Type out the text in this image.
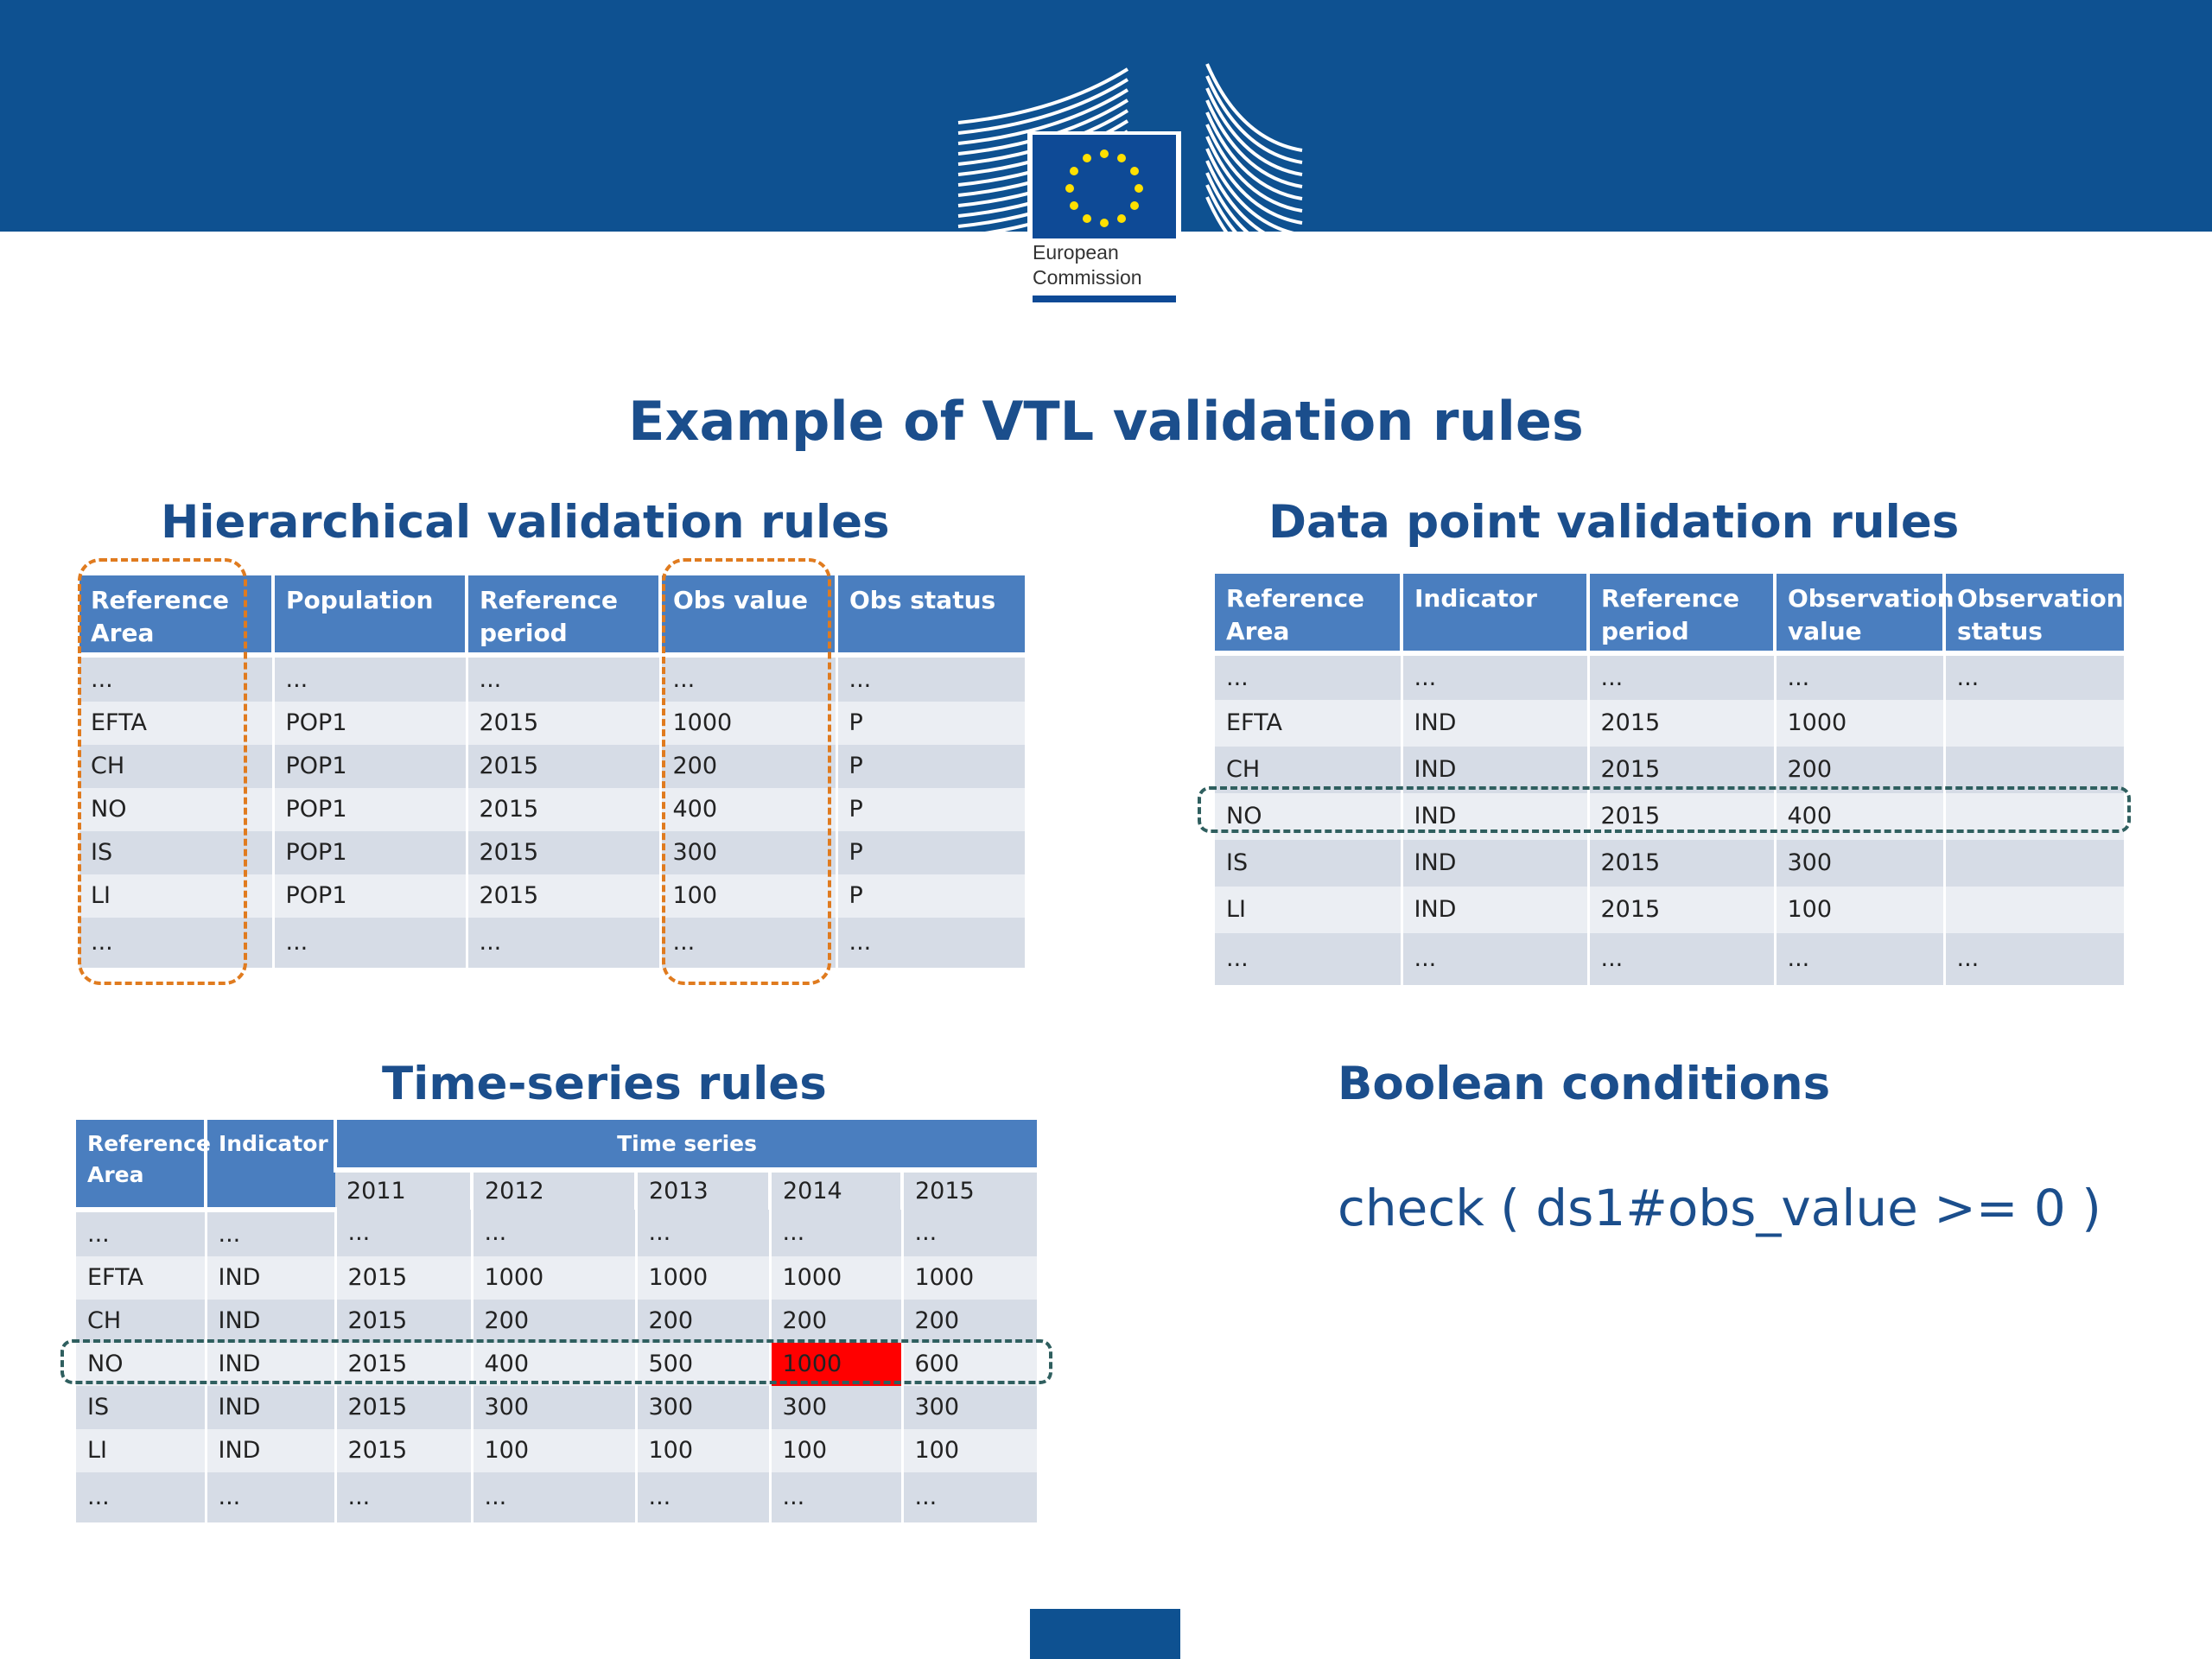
European
Commission
Example of VTL validation rules
Hierarchical validation rules	Data point validation rules
Time-series rules	Boolean conditions
Reference Area	Population	Reference period	Obs value	Obs status
...	...	...	...	...
EFTA	POP1	2015	1000	P
CH	POP1	2015	200	P
NO	POP1	2015	400	P
IS	POP1	2015	300	P
LI	POP1	2015	100	P
...	...	...	...	...
Reference Area	Indicator	Reference period	Observation value	Observation status
...	...	...	...	...
EFTA	IND	2015	1000	
CH	IND	2015	200	
NO	IND	2015	400	
IS	IND	2015	300	
LI	IND	2015	100	
...	...	...	...	...
Reference Area	Indicator	Time series				
		2011	2012	2013	2014	2015
...	...	...	...	...	...	...
EFTA	IND	2015	1000	1000	1000	1000
CH	IND	2015	200	200	200	200
NO	IND	2015	400	500	1000	600
IS	IND	2015	300	300	300	300
LI	IND	2015	100	100	100	100
...	...	...	...	...	...	...
check ( ds1#obs_value >= 0 )
